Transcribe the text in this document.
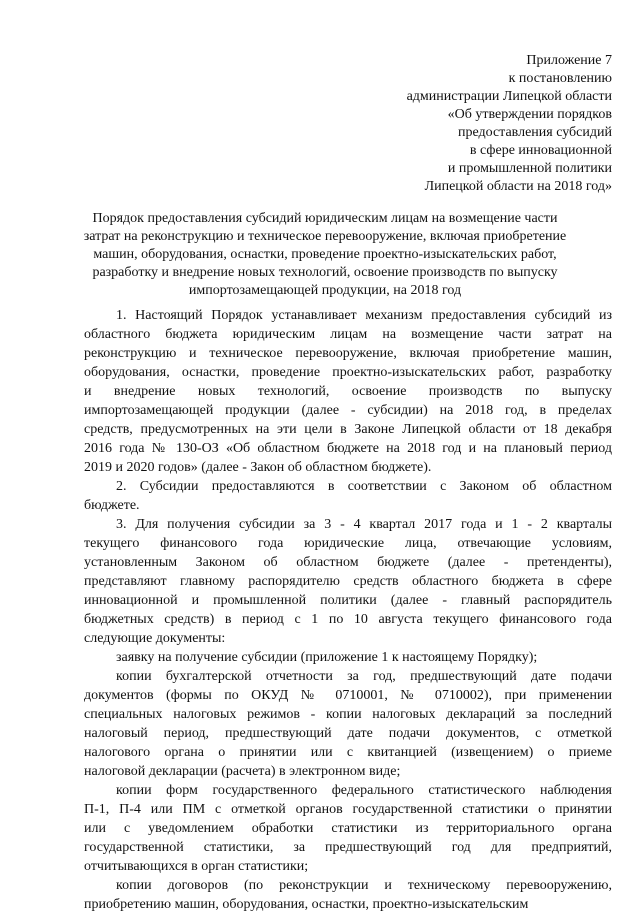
Приложение 7
к постановлению
администрации Липецкой области
«Об утверждении порядков
предоставления субсидий
в сфере инновационной
и промышленной политики
Липецкой области на 2018 год»
Порядок предоставления субсидий юридическим лицам на возмещение части
затрат на реконструкцию и техническое перевооружение, включая приобретение
машин, оборудования, оснастки, проведение проектно-изыскательских работ,
разработку и внедрение новых технологий, освоение производств по выпуску
импортозамещающей продукции, на 2018 год
1. Настоящий Порядок устанавливает механизм предоставления субсидий из
областного бюджета юридическим лицам на возмещение части затрат на
реконструкцию и техническое перевооружение, включая приобретение машин,
оборудования, оснастки, проведение проектно-изыскательских работ, разработку
и внедрение новых технологий, освоение производств по выпуску
импортозамещающей продукции (далее - субсидии) на 2018 год, в пределах
средств, предусмотренных на эти цели в Законе Липецкой области от 18 декабря
2016 года № 130-ОЗ «Об областном бюджете на 2018 год и на плановый период
2019 и 2020 годов» (далее - Закон об областном бюджете).
2. Субсидии предоставляются в соответствии с Законом об областном
бюджете.
3. Для получения субсидии за 3 - 4 квартал 2017 года и 1 - 2 кварталы
текущего финансового года юридические лица, отвечающие условиям,
установленным Законом об областном бюджете (далее - претенденты),
представляют главному распорядителю средств областного бюджета в сфере
инновационной и промышленной политики (далее - главный распорядитель
бюджетных средств) в период с 1 по 10 августа текущего финансового года
следующие документы:
заявку на получение субсидии (приложение 1 к настоящему Порядку);
копии бухгалтерской отчетности за год, предшествующий дате подачи
документов (формы по ОКУД № 0710001, № 0710002), при применении
специальных налоговых режимов - копии налоговых деклараций за последний
налоговый период, предшествующий дате подачи документов, с отметкой
налогового органа о принятии или с квитанцией (извещением) о приеме
налоговой декларации (расчета) в электронном виде;
копии форм государственного федерального статистического наблюдения
П-1, П-4 или ПМ с отметкой органов государственной статистики о принятии
или с уведомлением обработки статистики из территориального органа
государственной статистики, за предшествующий год для предприятий,
отчитывающихся в орган статистики;
копии договоров (по реконструкции и техническому перевооружению,
приобретению машин, оборудования, оснастки, проектно-изыскательским
